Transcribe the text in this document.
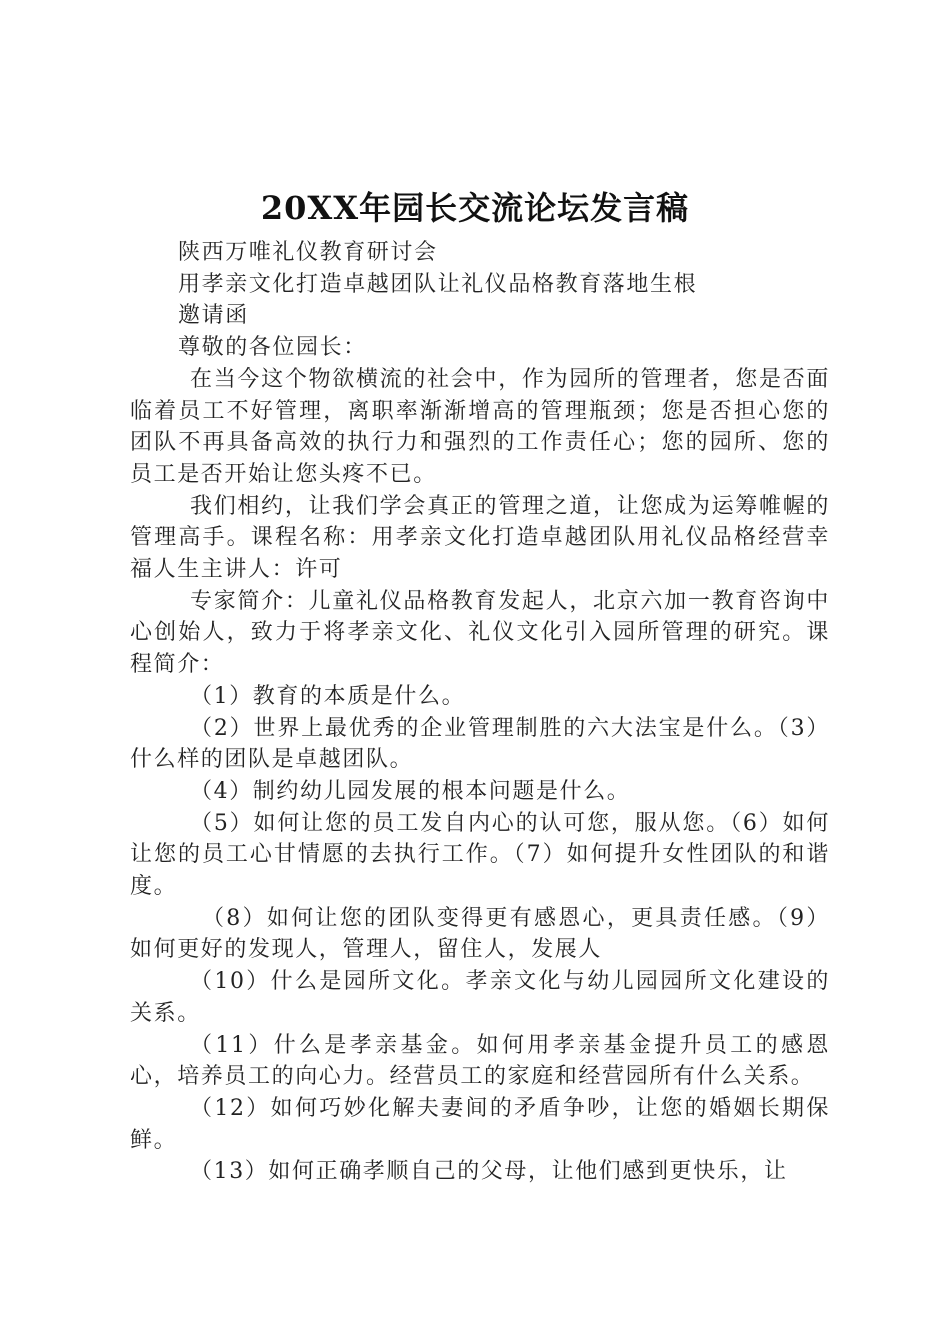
20XX年园长交流论坛发言稿

陕西万唯礼仪教育研讨会

用孝亲文化打造卓越团队让礼仪品格教育落地生根

邀请函

尊敬的各位园长：

在当今这个物欲横流的社会中，作为园所的管理者，您是否面临着员工不好管理，离职率渐渐增高的管理瓶颈；您是否担心您的团队不再具备高效的执行力和强烈的工作责任心；您的园所、您的员工是否开始让您头疼不已。

我们相约，让我们学会真正的管理之道，让您成为运筹帷幄的管理高手。课程名称：用孝亲文化打造卓越团队用礼仪品格经营幸福人生主讲人：许可

专家简介：儿童礼仪品格教育发起人，北京六加一教育咨询中心创始人，致力于将孝亲文化、礼仪文化引入园所管理的研究。课程简介：

（1）教育的本质是什么。

（2）世界上最优秀的企业管理制胜的六大法宝是什么。（3）什么样的团队是卓越团队。

（4）制约幼儿园发展的根本问题是什么。

（5）如何让您的员工发自内心的认可您，服从您。（6）如何让您的员工心甘情愿的去执行工作。（7）如何提升女性团队的和谐度。

（8）如何让您的团队变得更有感恩心，更具责任感。（9）如何更好的发现人，管理人，留住人，发展人

（10）什么是园所文化。孝亲文化与幼儿园园所文化建设的关系。

（11）什么是孝亲基金。如何用孝亲基金提升员工的感恩心，培养员工的向心力。经营员工的家庭和经营园所有什么关系。

（12）如何巧妙化解夫妻间的矛盾争吵，让您的婚姻长期保鲜。

（13）如何正确孝顺自己的父母，让他们感到更快乐，让
